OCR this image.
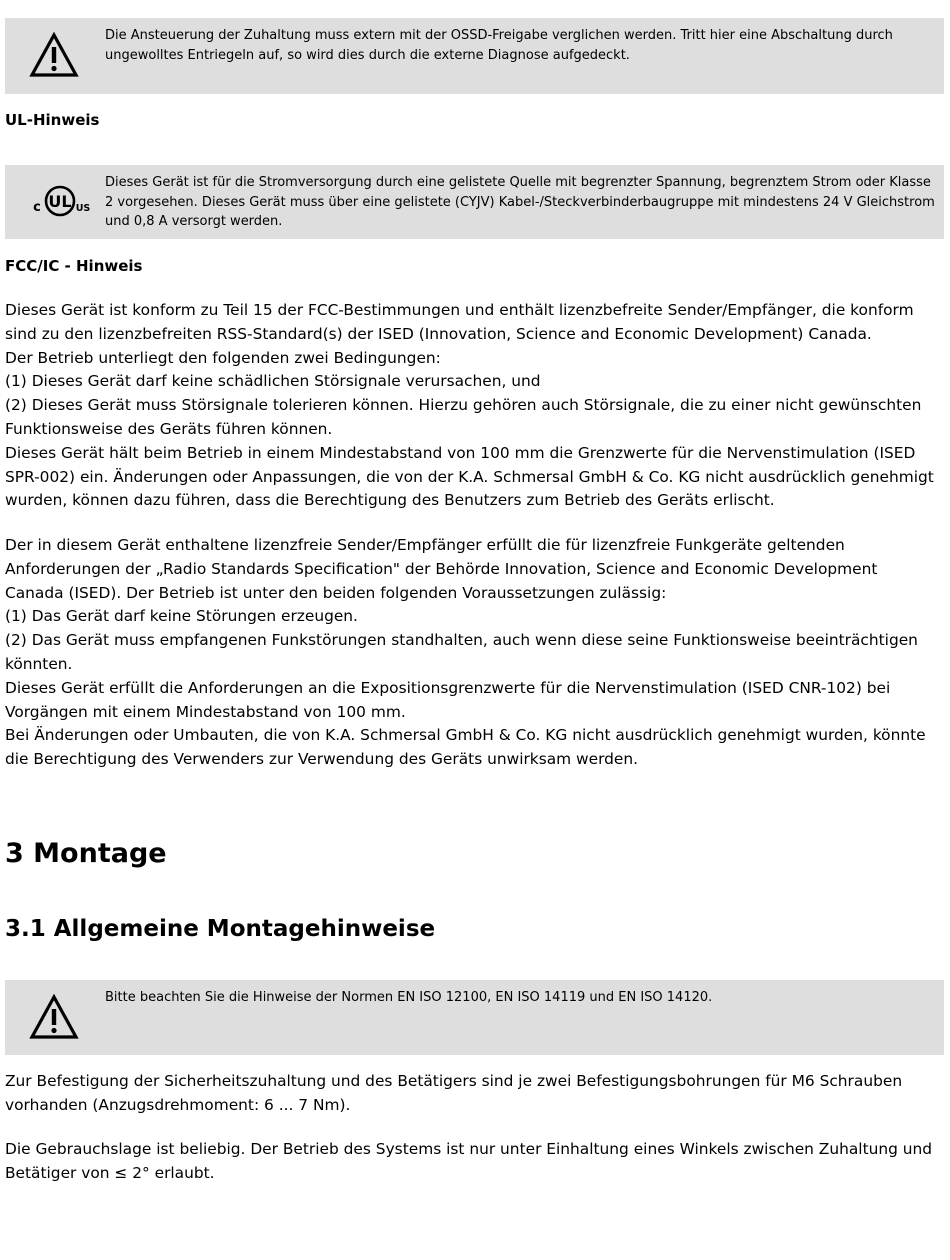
Die Ansteuerung der Zuhaltung muss extern mit der OSSD-Freigabe verglichen werden. Tritt hier eine Abschaltung durch
ungewolltes Entriegeln auf, so wird dies durch die externe Diagnose aufgedeckt.
UL-Hinweis
UL
c	US
Dieses Gerät ist für die Stromversorgung durch eine gelistete Quelle mit begrenzter Spannung, begrenztem Strom oder Klasse
2 vorgesehen. Dieses Gerät muss über eine gelistete (CYJV) Kabel-/Steckverbinderbaugruppe mit mindestens 24 V Gleichstrom
und 0,8 A versorgt werden.
FCC/IC - Hinweis
Dieses Gerät ist konform zu Teil 15 der FCC-Bestimmungen und enthält lizenzbefreite Sender/Empfänger, die konform
sind zu den lizenzbefreiten RSS-Standard(s) der ISED (Innovation, Science and Economic Development) Canada.
Der Betrieb unterliegt den folgenden zwei Bedingungen:
(1) Dieses Gerät darf keine schädlichen Störsignale verursachen, und
(2) Dieses Gerät muss Störsignale tolerieren können. Hierzu gehören auch Störsignale, die zu einer nicht gewünschten
Funktionsweise des Geräts führen können.
Dieses Gerät hält beim Betrieb in einem Mindestabstand von 100 mm die Grenzwerte für die Nervenstimulation (ISED
SPR-002) ein. Änderungen oder Anpassungen, die von der K.A. Schmersal GmbH & Co. KG nicht ausdrücklich genehmigt
wurden, können dazu führen, dass die Berechtigung des Benutzers zum Betrieb des Geräts erlischt.
Der in diesem Gerät enthaltene lizenzfreie Sender/Empfänger erfüllt die für lizenzfreie Funkgeräte geltenden
Anforderungen der „Radio Standards Specification" der Behörde Innovation, Science and Economic Development
Canada (ISED). Der Betrieb ist unter den beiden folgenden Voraussetzungen zulässig:
(1) Das Gerät darf keine Störungen erzeugen.
(2) Das Gerät muss empfangenen Funkstörungen standhalten, auch wenn diese seine Funktionsweise beeinträchtigen
könnten.
Dieses Gerät erfüllt die Anforderungen an die Expositionsgrenzwerte für die Nervenstimulation (ISED CNR-102) bei
Vorgängen mit einem Mindestabstand von 100 mm.
Bei Änderungen oder Umbauten, die von K.A. Schmersal GmbH & Co. KG nicht ausdrücklich genehmigt wurden, könnte
die Berechtigung des Verwenders zur Verwendung des Geräts unwirksam werden.
3 Montage
3.1 Allgemeine Montagehinweise
Bitte beachten Sie die Hinweise der Normen EN ISO 12100, EN ISO 14119 und EN ISO 14120.
Zur Befestigung der Sicherheitszuhaltung und des Betätigers sind je zwei Befestigungsbohrungen für M6 Schrauben
vorhanden (Anzugsdrehmoment: 6 ... 7 Nm).
Die Gebrauchslage ist beliebig. Der Betrieb des Systems ist nur unter Einhaltung eines Winkels zwischen Zuhaltung und
Betätiger von ≤ 2° erlaubt.
